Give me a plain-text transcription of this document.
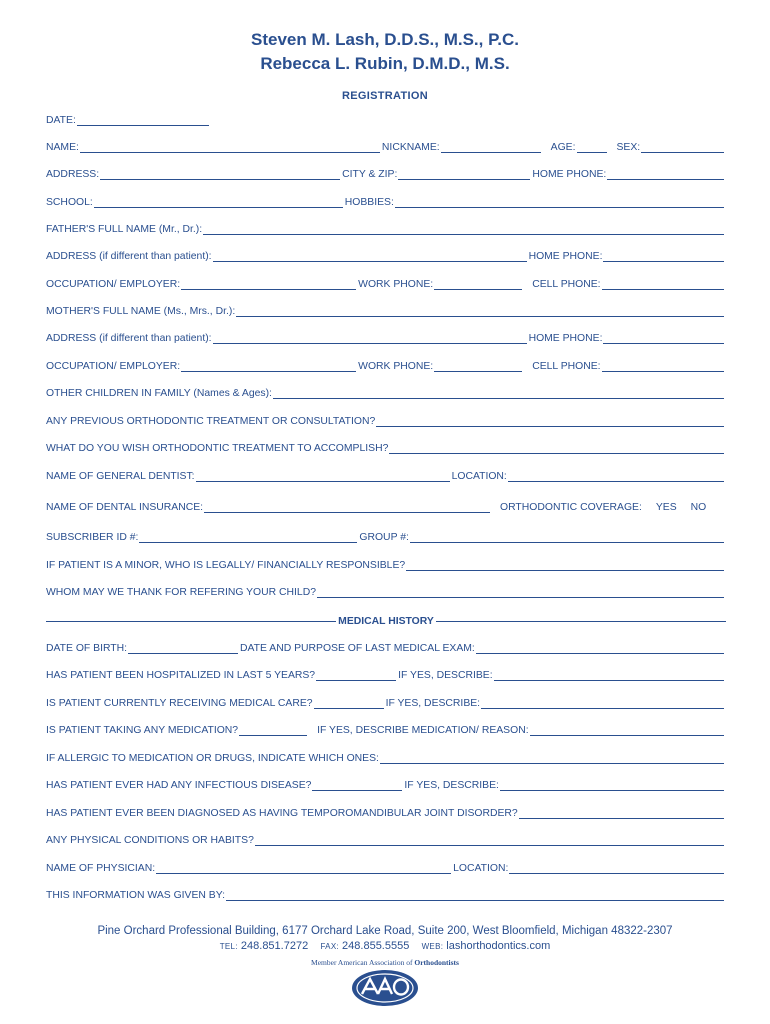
Steven M. Lash, D.D.S., M.S., P.C.
Rebecca L. Rubin, D.M.D., M.S.
REGISTRATION
DATE:
NAME:	NICKNAME:	AGE:	SEX:
ADDRESS:	CITY & ZIP:	HOME PHONE:
SCHOOL:	HOBBIES:
FATHER'S FULL NAME (Mr., Dr.):
ADDRESS (if different than patient):	HOME PHONE:
OCCUPATION/ EMPLOYER:	WORK PHONE:	CELL PHONE:
MOTHER'S FULL NAME (Ms., Mrs., Dr.):
ADDRESS (if different than patient):	HOME PHONE:
OCCUPATION/ EMPLOYER:	WORK PHONE:	CELL PHONE:
OTHER CHILDREN IN FAMILY (Names & Ages):
ANY PREVIOUS ORTHODONTIC TREATMENT OR CONSULTATION?
WHAT DO YOU WISH ORTHODONTIC TREATMENT TO ACCOMPLISH?
NAME OF GENERAL DENTIST:	LOCATION:
NAME OF DENTAL INSURANCE:	ORTHODONTIC COVERAGE: YES NO
SUBSCRIBER ID #:	GROUP #:
IF PATIENT IS A MINOR, WHO IS LEGALLY/ FINANCIALLY RESPONSIBLE?
WHOM MAY WE THANK FOR REFERING YOUR CHILD?
MEDICAL HISTORY
DATE OF BIRTH:	DATE AND PURPOSE OF LAST MEDICAL EXAM:
HAS PATIENT BEEN HOSPITALIZED IN LAST 5 YEARS?	IF YES, DESCRIBE:
IS PATIENT CURRENTLY RECEIVING MEDICAL CARE?	IF YES, DESCRIBE:
IS PATIENT TAKING ANY MEDICATION?	IF YES, DESCRIBE MEDICATION/ REASON:
IF ALLERGIC TO MEDICATION OR DRUGS, INDICATE WHICH ONES:
HAS PATIENT EVER HAD ANY INFECTIOUS DISEASE?	IF YES, DESCRIBE:
HAS PATIENT EVER BEEN DIAGNOSED AS HAVING TEMPOROMANDIBULAR JOINT DISORDER?
ANY PHYSICAL CONDITIONS OR HABITS?
NAME OF PHYSICIAN:	LOCATION:
THIS INFORMATION WAS GIVEN BY:
Pine Orchard Professional Building, 6177 Orchard Lake Road, Suite 200, West Bloomfield, Michigan 48322-2307
TEL: 248.851.7272 FAX: 248.855.5555 WEB: lashorthodontics.com
Member American Association of Orthodontists
